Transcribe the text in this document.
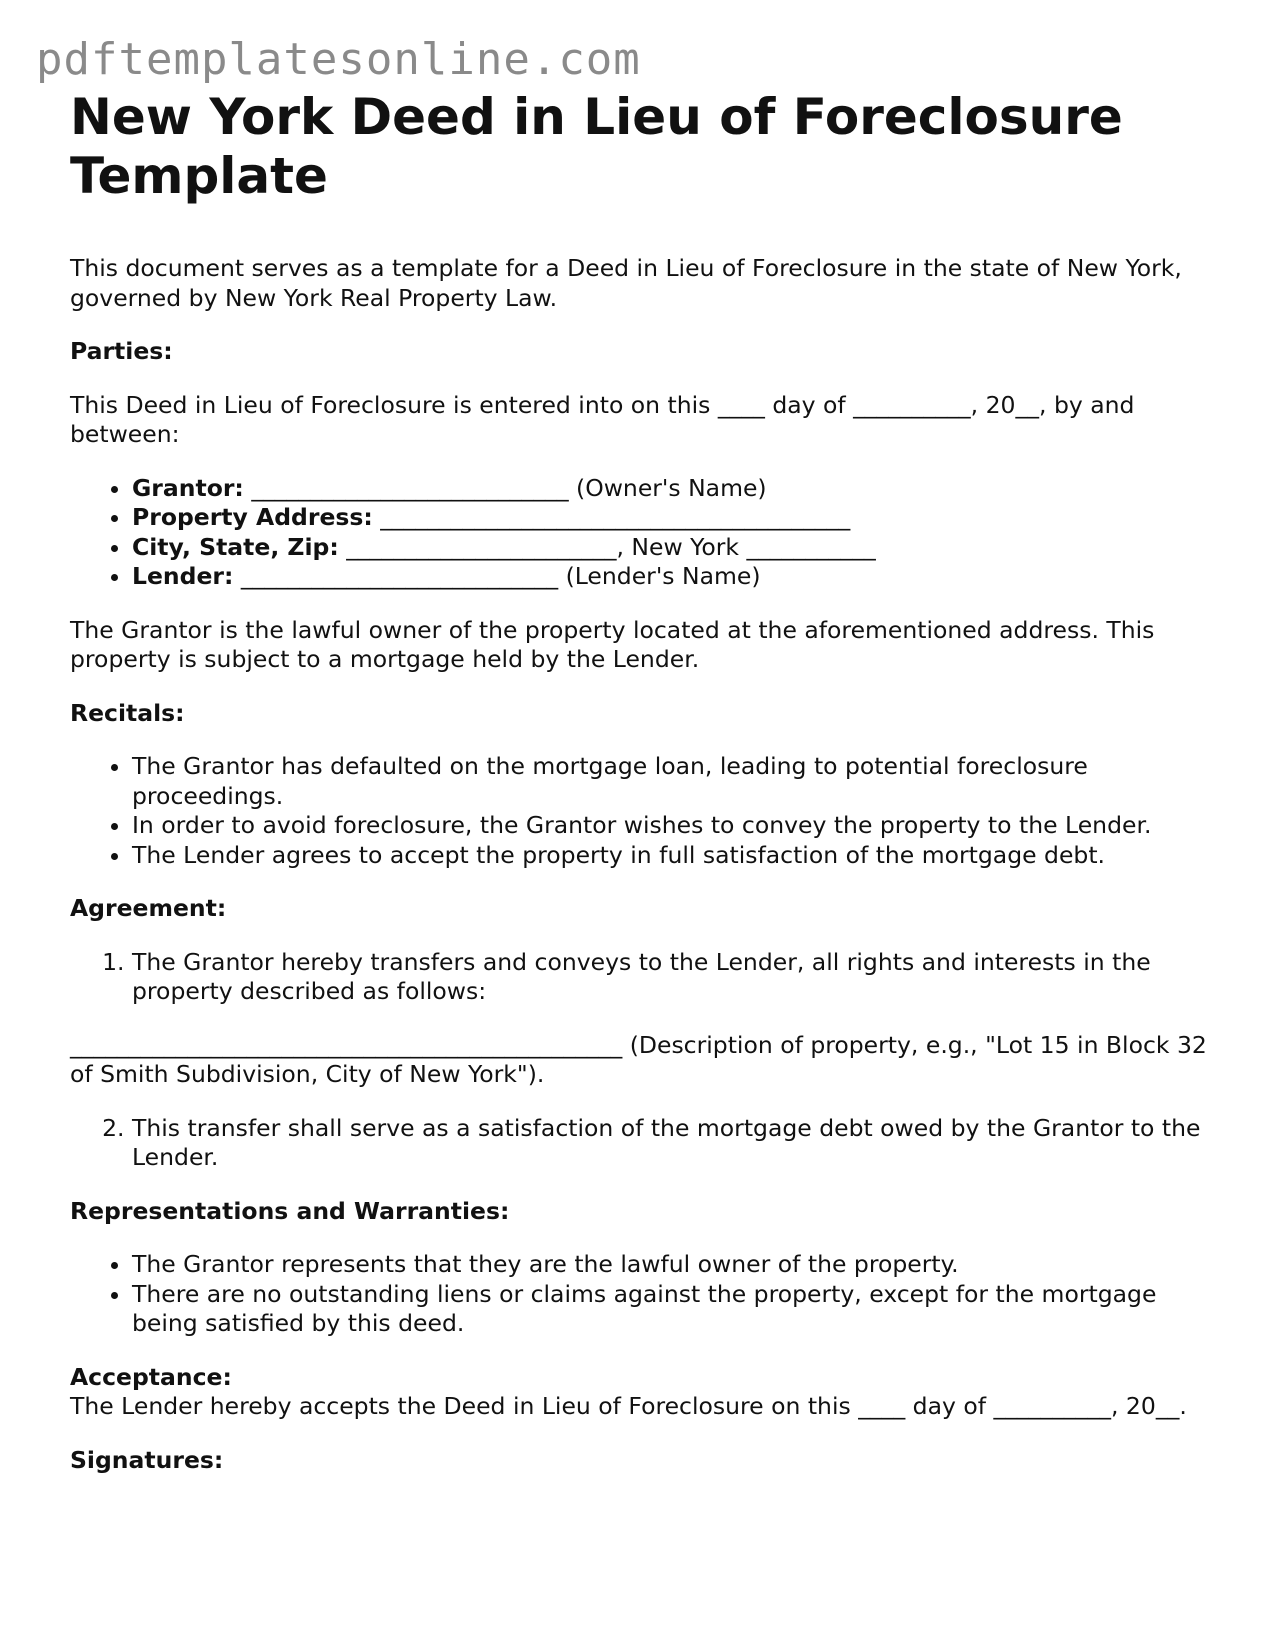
pdftemplatesonline.com
New York Deed in Lieu of Foreclosure Template

This document serves as a template for a Deed in Lieu of Foreclosure in the state of New York, governed by New York Real Property Law.

Parties:

This Deed in Lieu of Foreclosure is entered into on this ____ day of __________, 20__, by and between:

• Grantor: ___________________________ (Owner's Name)
• Property Address: ________________________________________
• City, State, Zip: _______________________, New York ___________
• Lender: ___________________________ (Lender's Name)

The Grantor is the lawful owner of the property located at the aforementioned address. This property is subject to a mortgage held by the Lender.

Recitals:

• The Grantor has defaulted on the mortgage loan, leading to potential foreclosure proceedings.
• In order to avoid foreclosure, the Grantor wishes to convey the property to the Lender.
• The Lender agrees to accept the property in full satisfaction of the mortgage debt.

Agreement:

1. The Grantor hereby transfers and conveys to the Lender, all rights and interests in the property described as follows:

_______________________________________________ (Description of property, e.g., "Lot 15 in Block 32 of Smith Subdivision, City of New York").

2. This transfer shall serve as a satisfaction of the mortgage debt owed by the Grantor to the Lender.

Representations and Warranties:

• The Grantor represents that they are the lawful owner of the property.
• There are no outstanding liens or claims against the property, except for the mortgage being satisfied by this deed.

Acceptance:

The Lender hereby accepts the Deed in Lieu of Foreclosure on this ____ day of __________, 20__.

Signatures:
